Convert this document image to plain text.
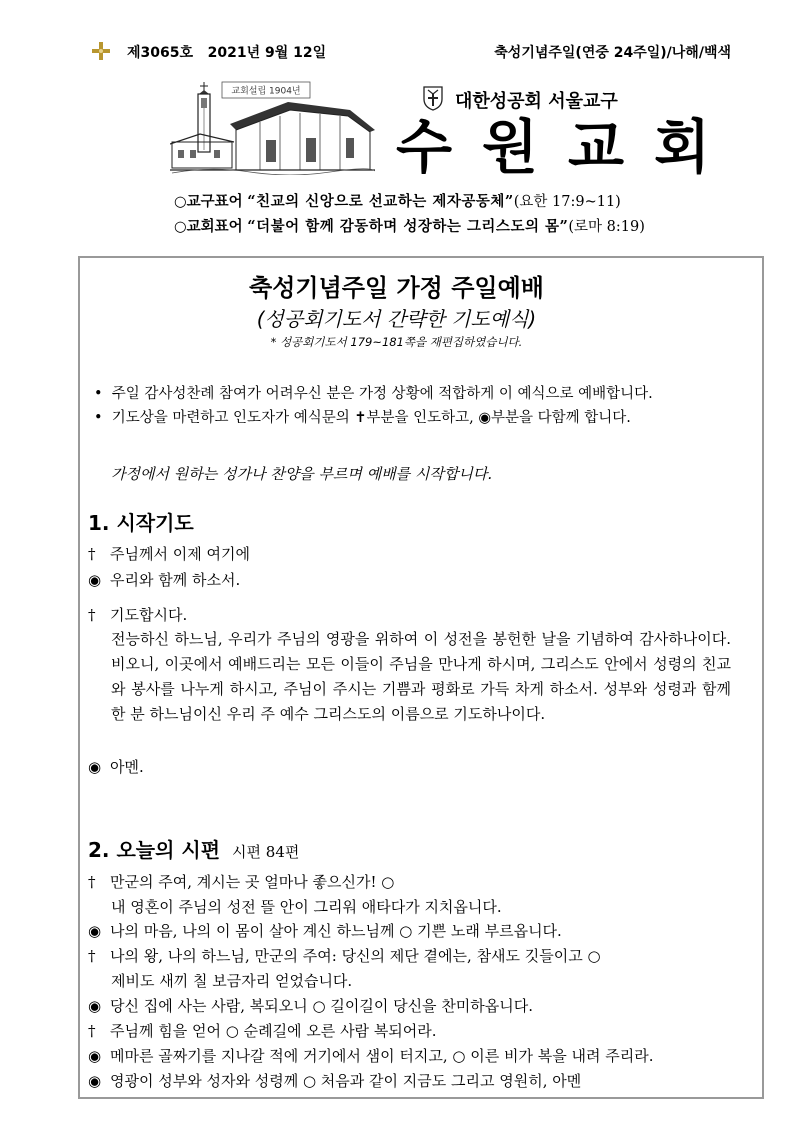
제3065호 2021년 9월 12일	축성기념주일(연중 24주일)/나해/백색
교회설립 1904년	대한성공회 서울교구
수원교회
○교구표어 “친교의 신앙으로 선교하는 제자공동체”(요한 17:9~11)
○교회표어 “더불어 함께 감동하며 성장하는 그리스도의 몸”(로마 8:19)
축성기념주일 가정 주일예배
(성공회기도서 간략한 기도예식)
* 성공회기도서 179~181쪽을 재편집하였습니다.
• 주일 감사성찬례 참여가 어려우신 분은 가정 상황에 적합하게 이 예식으로 예배합니다.
• 기도상을 마련하고 인도자가 예식문의 ✝부분을 인도하고, ◉부분을 다함께 합니다.
가정에서 원하는 성가나 찬양을 부르며 예배를 시작합니다.
1. 시작기도
† 주님께서 이제 여기에
◉ 우리와 함께 하소서.
† 기도합시다.
전능하신 하느님, 우리가 주님의 영광을 위하여 이 성전을 봉헌한 날을 기념하여 감사하나이다. 비오니, 이곳에서 예배드리는 모든 이들이 주님을 만나게 하시며, 그리스도 안에서 성령의 친교와 봉사를 나누게 하시고, 주님이 주시는 기쁨과 평화로 가득 차게 하소서. 성부와 성령과 함께 한 분 하느님이신 우리 주 예수 그리스도의 이름으로 기도하나이다.
◉ 아멘.
2. 오늘의 시편 시편 84편
† 만군의 주여, 계시는 곳 얼마나 좋으신가! ○
내 영혼이 주님의 성전 뜰 안이 그리워 애타다가 지치옵니다.
◉ 나의 마음, 나의 이 몸이 살아 계신 하느님께 ○ 기쁜 노래 부르옵니다.
† 나의 왕, 나의 하느님, 만군의 주여: 당신의 제단 곁에는, 참새도 깃들이고 ○
제비도 새끼 칠 보금자리 얻었습니다.
◉ 당신 집에 사는 사람, 복되오니 ○ 길이길이 당신을 찬미하옵니다.
† 주님께 힘을 얻어 ○ 순례길에 오른 사람 복되어라.
◉ 메마른 골짜기를 지나갈 적에 거기에서 샘이 터지고, ○ 이른 비가 복을 내려 주리라.
◉ 영광이 성부와 성자와 성령께 ○ 처음과 같이 지금도 그리고 영원히, 아멘
